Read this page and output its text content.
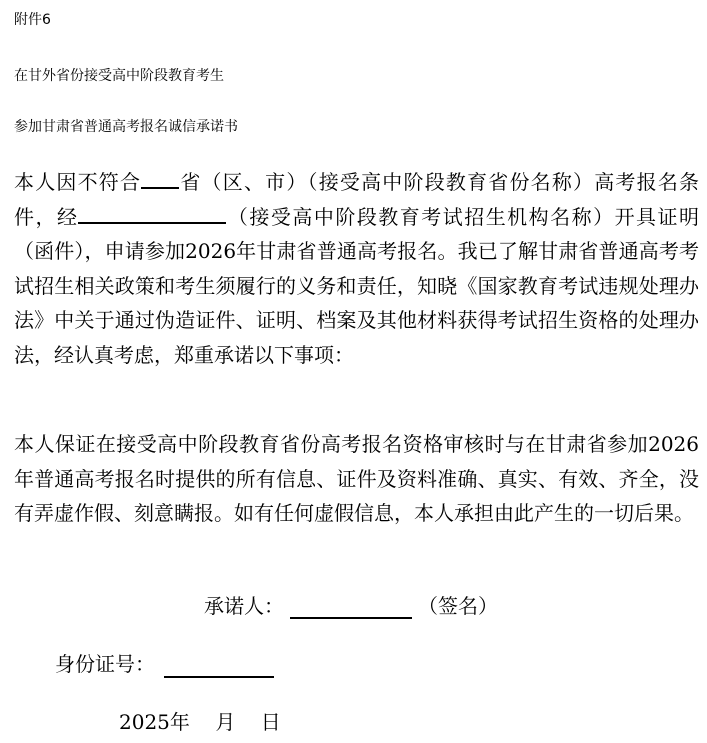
附件6
在甘外省份接受高中阶段教育考生
参加甘肃省普通高考报名诚信承诺书
本人因不符合 省（区、市）（接受高中阶段教育省份名称）高考报名条件，经	（接受高中阶段教育考试招生机构名称）开具证明（函件），申请参加2026年甘肃省普通高考报名。我已了解甘肃省普通高考考试招生相关政策和考生须履行的义务和责任，知晓《国家教育考试违规处理办法》中关于通过伪造证件、证明、档案及其他材料获得考试招生资格的处理办法，经认真考虑，郑重承诺以下事项：
本人保证在接受高中阶段教育省份高考报名资格审核时与在甘肃省参加2026年普通高考报名时提供的所有信息、证件及资料准确、真实、有效、齐全，没有弄虚作假、刻意瞒报。如有任何虚假信息，本人承担由此产生的一切后果。
承诺人：	（签名）
身份证号：
2025年    月    日
